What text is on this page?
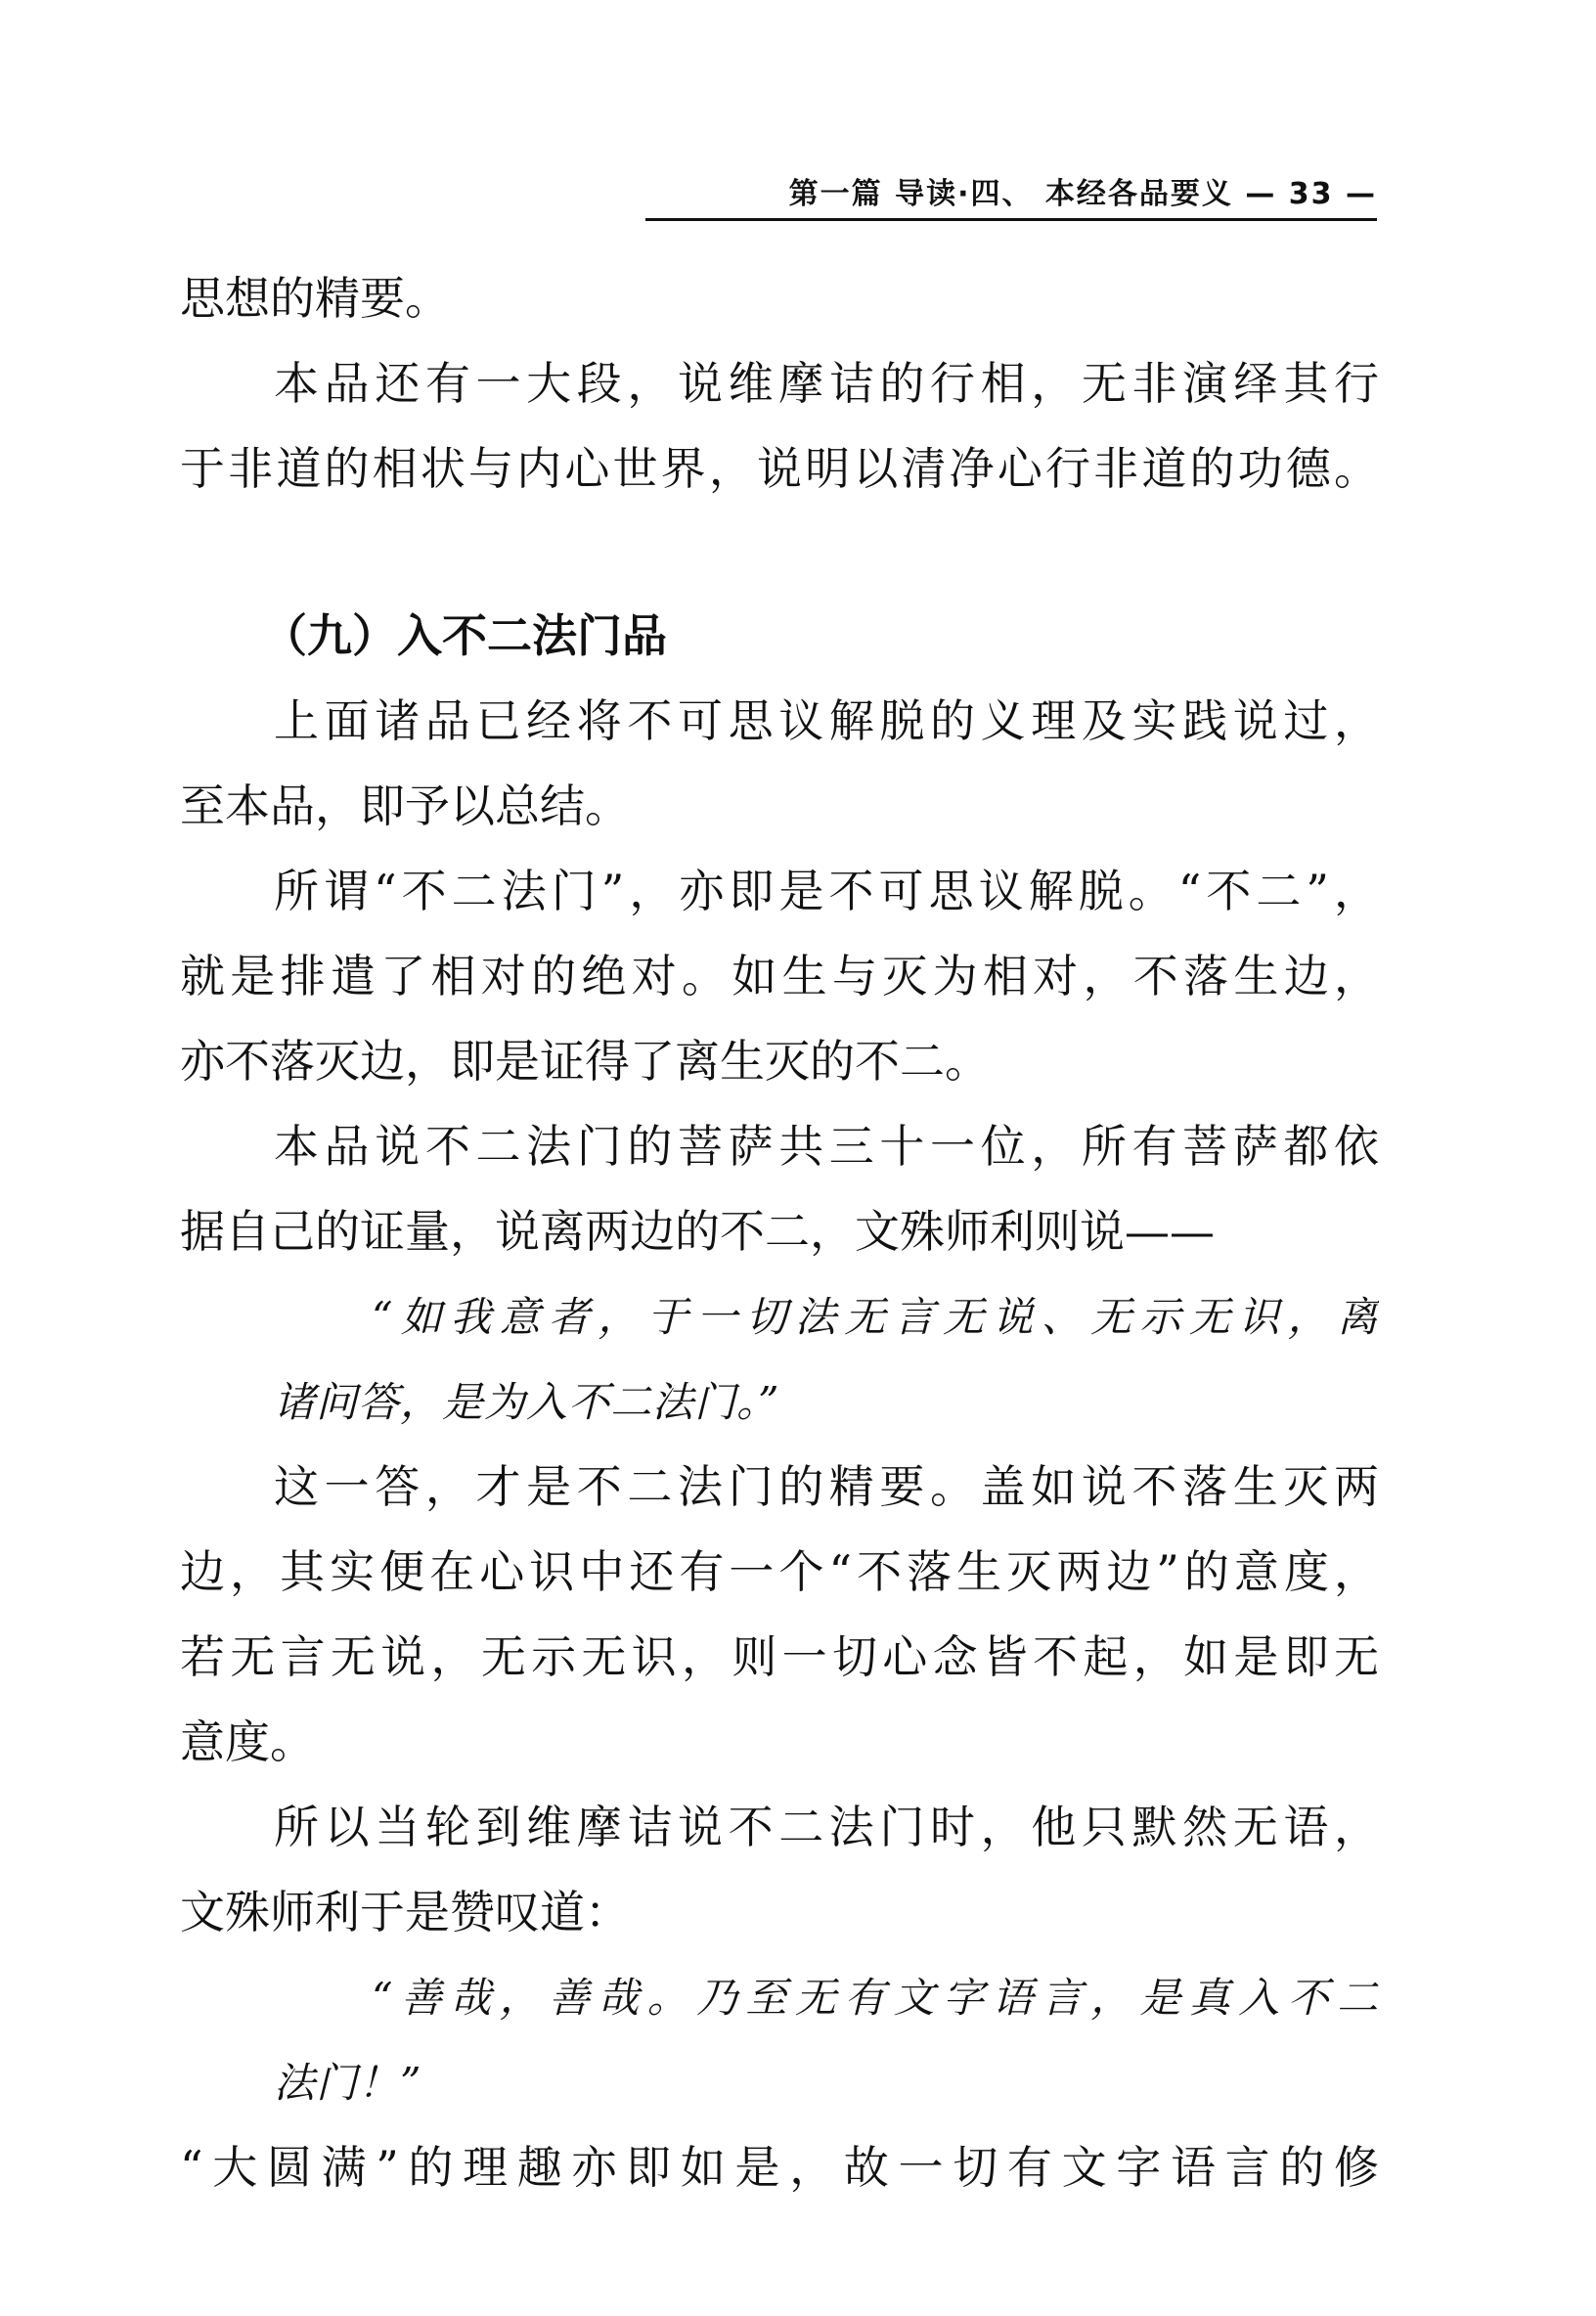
第一篇 导读·四、 本经各品要义 — 33 —
思想的精要。
本品还有一大段，说维摩诘的行相，无非演绎其行
于非道的相状与内心世界，说明以清净心行非道的功德。
（九）入不二法门品
上面诸品已经将不可思议解脱的义理及实践说过，
至本品，即予以总结。
所谓“不二法门”，亦即是不可思议解脱。“不二”，
就是排遣了相对的绝对。如生与灭为相对，不落生边，
亦不落灭边，即是证得了离生灭的不二。
本品说不二法门的菩萨共三十一位，所有菩萨都依
据自己的证量，说离两边的不二，文殊师利则说——
“如我意者，于一切法无言无说、无示无识，离
诸问答，是为入不二法门。”
这一答，才是不二法门的精要。盖如说不落生灭两
边，其实便在心识中还有一个“不落生灭两边”的意度，
若无言无说，无示无识，则一切心念皆不起，如是即无
意度。
所以当轮到维摩诘说不二法门时，他只默然无语，
文殊师利于是赞叹道：
“善哉，善哉。乃至无有文字语言，是真入不二
法门！”
“大圆满”的理趣亦即如是，故一切有文字语言的修
